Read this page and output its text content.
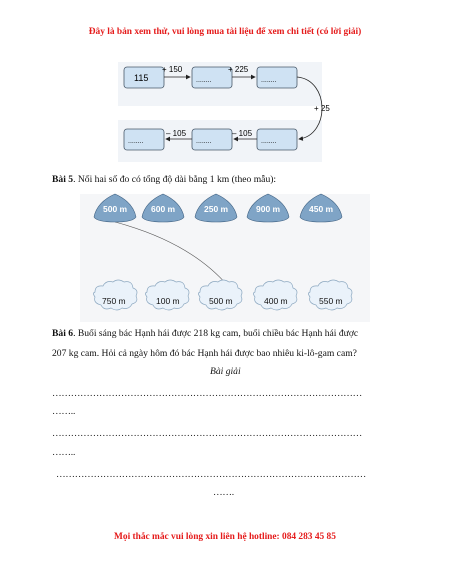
Đây là bản xem thử, vui lòng mua tài liệu để xem chi tiết (có lời giải)
115	........	........
........	........	........
+ 150	+ 225
+ 25
– 105
– 105
Bài 5. Nối hai số đo có tổng độ dài bằng 1 km (theo mẫu):
500 m	600 m	250 m	900 m	450 m
750 m	100 m	500 m	400 m	550 m
Bài 6. Buổi sáng bác Hạnh hái được 218 kg cam, buổi chiều bác Hạnh hái được
207 kg cam. Hỏi cả ngày hôm đó bác Hạnh hái được bao nhiêu ki-lô-gam cam?
Bài giải
………………………………………………………………………………………
……..
………………………………………………………………………………………
……..
………………………………………………………………………………………
…….
Mọi thắc mắc vui lòng xin liên hệ hotline: 084 283 45 85
